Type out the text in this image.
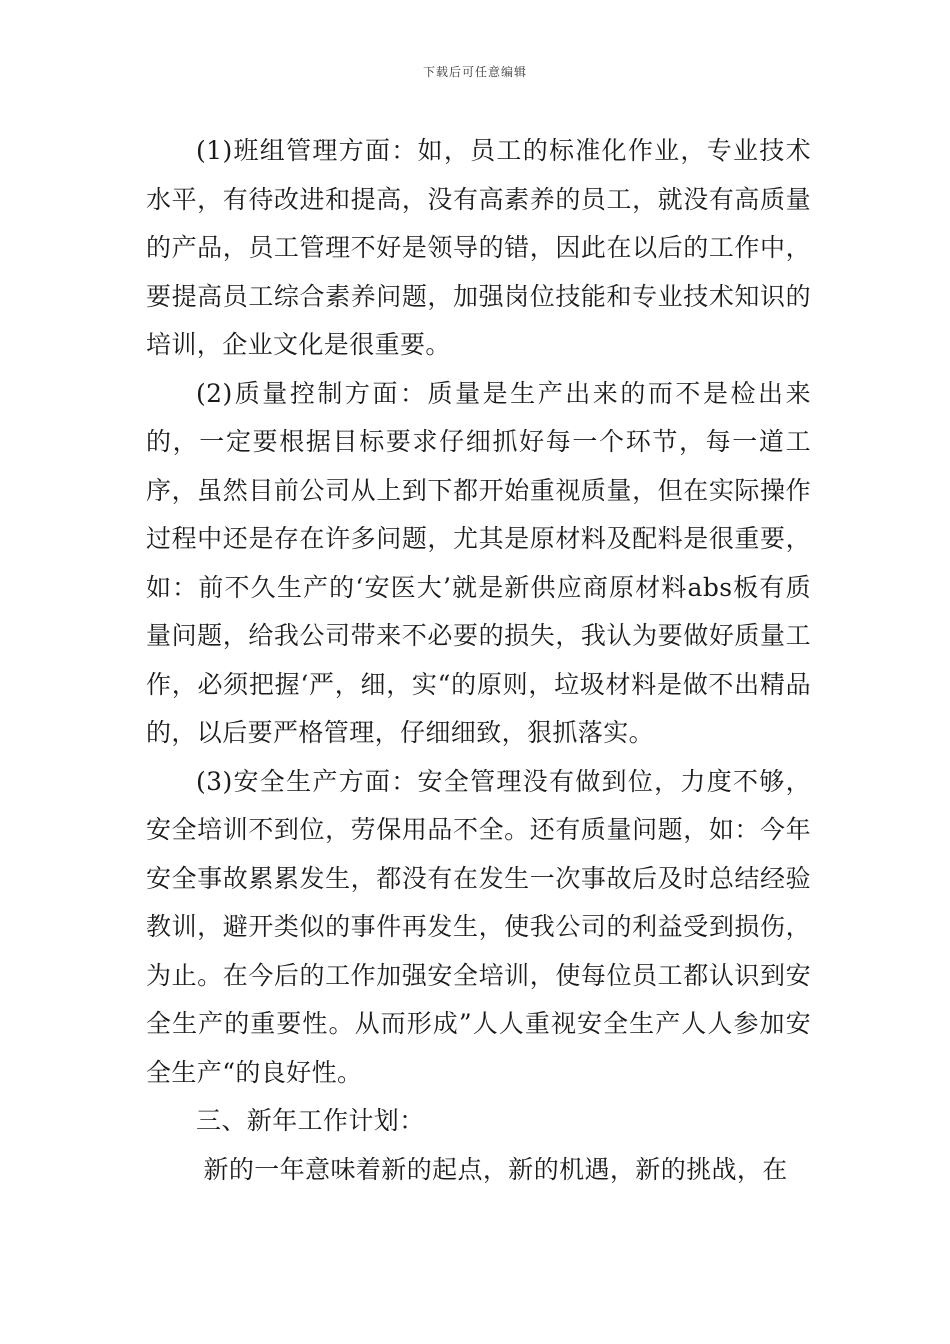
下载后可任意编辑

(1)班组管理方面：如，员工的标准化作业，专业技术水平，有待改进和提高，没有高素养的员工，就没有高质量的产品，员工管理不好是领导的错，因此在以后的工作中，要提高员工综合素养问题，加强岗位技能和专业技术知识的培训，企业文化是很重要。

(2)质量控制方面：质量是生产出来的而不是检出来的，一定要根据目标要求仔细抓好每一个环节，每一道工序，虽然目前公司从上到下都开始重视质量，但在实际操作过程中还是存在许多问题，尤其是原材料及配料是很重要，如：前不久生产的‘安医大’就是新供应商原材料abs板有质量问题，给我公司带来不必要的损失，我认为要做好质量工作，必须把握‘严，细，实“的原则，垃圾材料是做不出精品的，以后要严格管理，仔细细致，狠抓落实。

(3)安全生产方面：安全管理没有做到位，力度不够，安全培训不到位，劳保用品不全。还有质量问题，如：今年安全事故累累发生，都没有在发生一次事故后及时总结经验教训，避开类似的事件再发生，使我公司的利益受到损伤，为止。在今后的工作加强安全培训，使每位员工都认识到安全生产的重要性。从而形成”人人重视安全生产人人参加安全生产“的良好性。

三、新年工作计划：

新的一年意味着新的起点，新的机遇，新的挑战，在
